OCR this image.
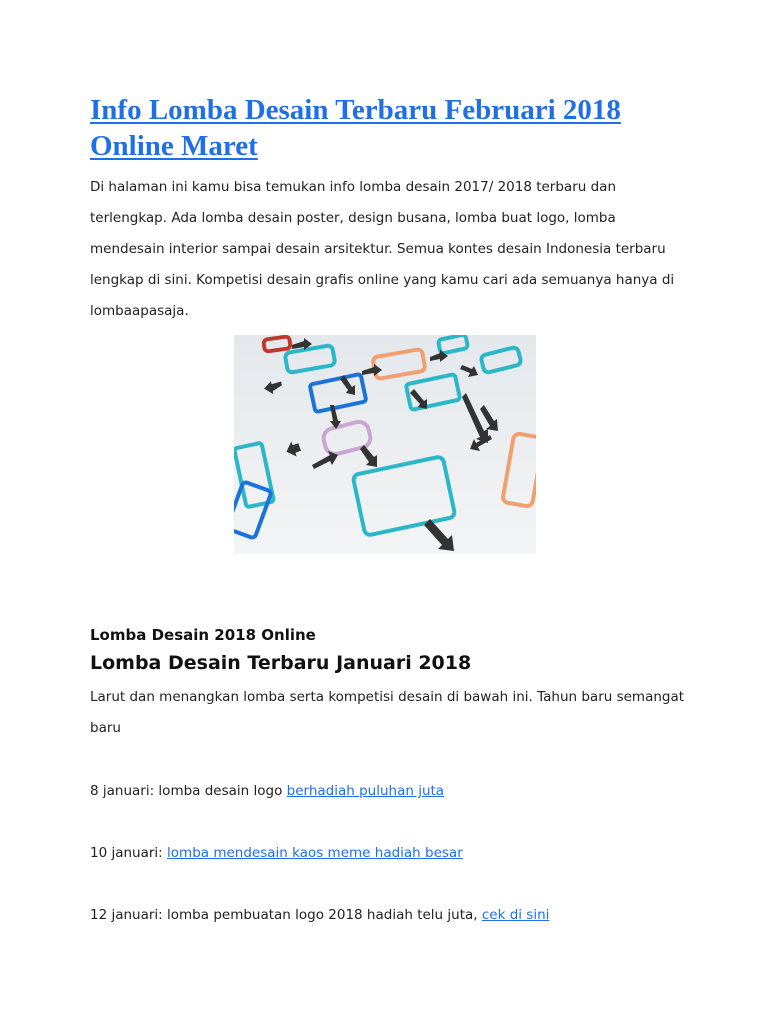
Info Lomba Desain Terbaru Februari 2018 Online Maret

Di halaman ini kamu bisa temukan info lomba desain 2017/ 2018 terbaru dan terlengkap. Ada lomba desain poster, design busana, lomba buat logo, lomba mendesain interior sampai desain arsitektur. Semua kontes desain Indonesia terbaru lengkap di sini. Kompetisi desain grafis online yang kamu cari ada semuanya hanya di lombaapasaja.

Lomba Desain 2018 Online
Lomba Desain Terbaru Januari 2018

Larut dan menangkan lomba serta kompetisi desain di bawah ini. Tahun baru semangat baru

8 januari: lomba desain logo berhadiah puluhan juta

10 januari: lomba mendesain kaos meme hadiah besar

12 januari: lomba pembuatan logo 2018 hadiah telu juta, cek di sini
